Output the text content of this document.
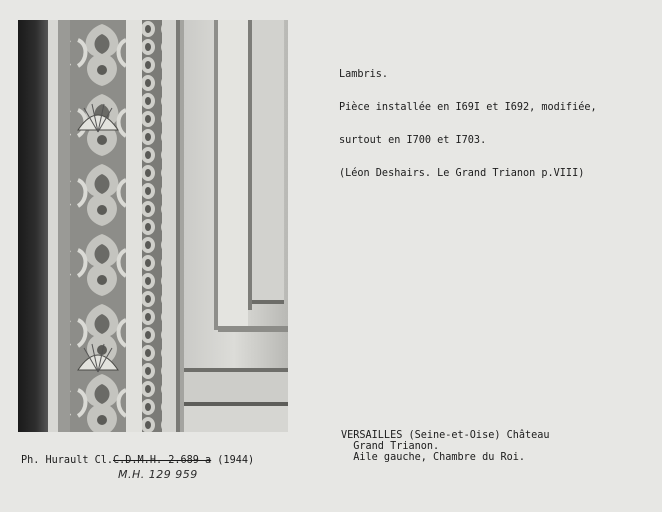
Lambris.

Pièce installée en I69I et I692, modifiée,

surtout en I700 et I703.

(Léon Deshairs. Le Grand Trianon p.VIII)

VERSAILLES (Seine-et-Oise) Château
Grand Trianon.
Aile gauche, Chambre du Roi.
Ph. Hurault Cl.C.D.M.H. 2.689 a (1944)
M.H. 129 959
